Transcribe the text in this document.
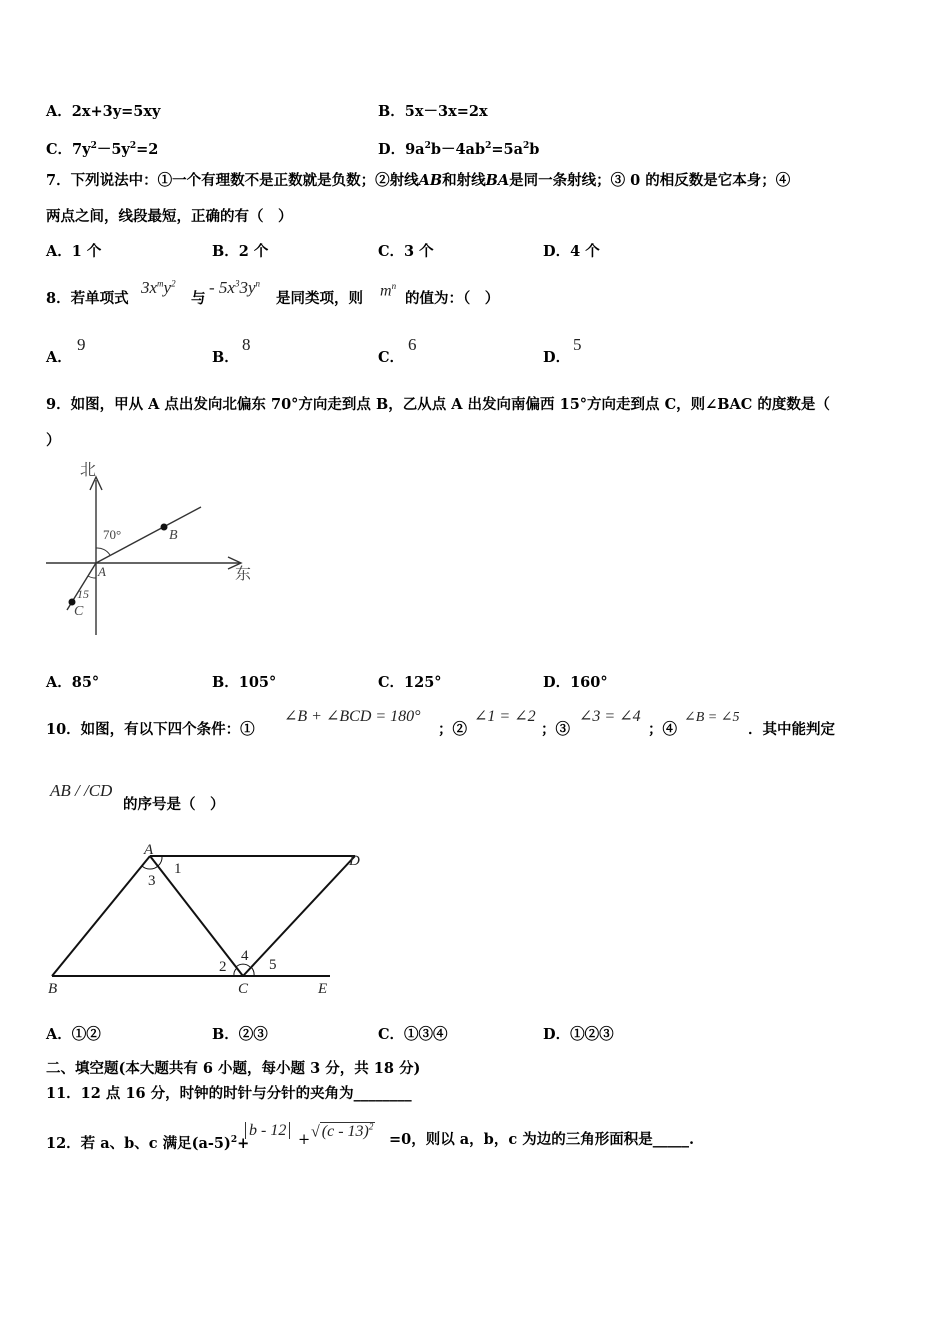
A．2x+3y=5xy	B．5x－3x=2x
C．$7y^2-5y^2=2$	D．$9a^2b-4ab^2=5a^2b$
7．下列说法中：①一个有理数不是正数就是负数；②射线AB和射线BA是同一条射线；③ 0 的相反数是它本身；④
两点之间，线段最短，正确的有（　）
A．1 个	B．2 个	C．3 个	D．4 个
8．若单项式
$3x^my^2$
与
- $5x^33y^n$
是同类项，则 $m^n$
的值为：（　）
A．
9
B．
8
C．
6
D．
5
9．如图，甲从 A 点出发向北偏东 70°方向走到点 B，乙从点 A 出发向南偏西 15°方向走到点 C，则∠BAC 的度数是（
）
北
东
70°
15
A
B
C
A．85°	B．105°	C．125°	D．160°
10．如图，有以下四个条件：①
∠B + ∠BCD = 180°
；②
∠1 = ∠2
；③
∠3 = ∠4
；④
∠B = ∠5
．其中能判定
AB / /CD
的序号是（　）
A
B	C
D
E
1
3
2
4
5
A．①②	B．②③	C．①③④	D．①②③
二、填空题(本大题共有 6 小题，每小题 3 分，共 18 分)
11．12 点 16 分，时钟的时针与分针的夹角为________
12．若 a、b、c 满足$(a-5)^2+$
b - 12
+ √ (c - 13)$^2$
=0，则以 a，b，c 为边的三角形面积是_____.
